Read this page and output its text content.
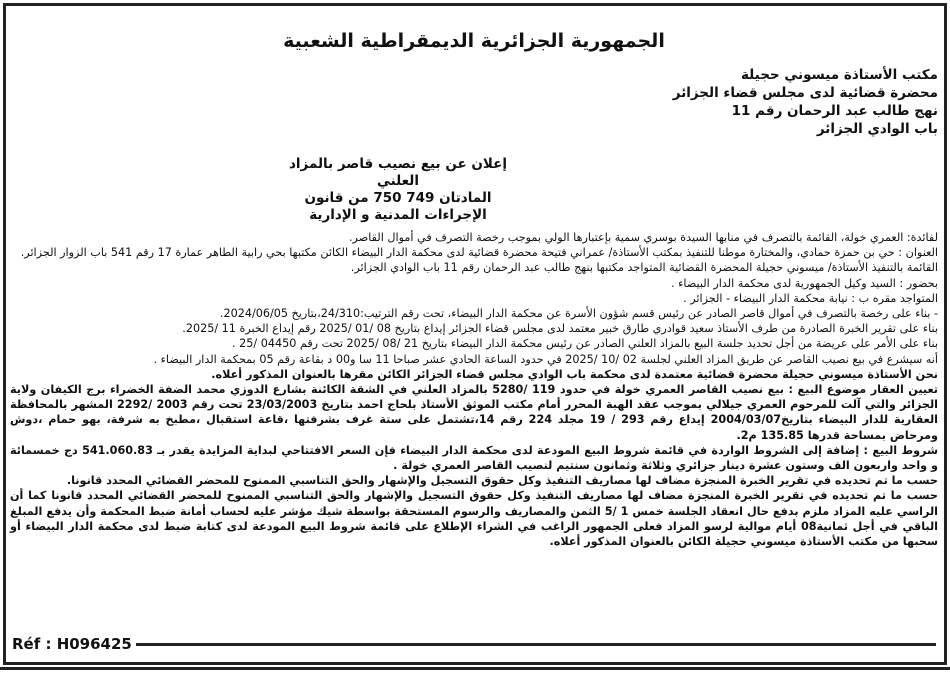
الجمهورية الجزائرية الديمقراطية الشعبية
مكتب الأستاذة ميسوني حجيلة
محضرة قضائية لدى مجلس قضاء الجزائر
نهج طالب عبد الرحمان رقم 11
باب الوادي الجزائر
إعلان عن بيع نصيب قاصر بالمزاد العلني
المادتان 749 750 من قانون الإجراءات المدنية و الإدارية

لفائدة: العمري خولة، القائمة بالتصرف في منابها السيدة بوسري سمية بإعتبارها الولي بموجب رخصة التصرف في أموال القاصر.

العنوان : حي بن حمزة حمادي، والمختارة موطنا للتنفيذ بمكتب الأستاذة/ عمراني فتيحة محضرة قضائية لدى محكمة الدار البيضاء الكائن مكتبها بحي رابية الطاهر عمارة 17 رقم 541 باب الزوار الجزائر.

القائمة بالتنفيذ الأستاذة/ ميسوني حجيلة المحضرة القضائية المتواجد مكتبها بنهج طالب عبد الرحمان رقم 11 باب الوادي الجزائر.

بحضور : السيد وكيل الجمهورية لدى محكمة الدار البيضاء .

المتواجد مقره ب : نيابة محكمة الدار البيضاء - الجزائر .

- بناء على رخصة بالتصرف في أموال قاصر الصادر عن رئيس قسم شؤون الأسرة عن محكمة الدار البيضاء، تحت رقم الترتيب:24/310،بتاريخ 2024/06/05.

بناء على تقرير الخبرة الصادرة من طرف الأستاذ سعيد قوادري طارق خبير معتمد لدى مجلس قضاء الجزائر إيداع بتاريخ 08 /01 /2025 رقم إيداع الخبرة 11 /2025.

بناء على الأمر على عريضة من أجل تحديد جلسة البيع بالمزاد العلني الصادر عن رئيس محكمة الدار البيضاء بتاريخ 21 /08 /2025 تحت رقم 04450 /25 .

أنه سيشرع في بيع نصيب القاصر عن طريق المزاد العلني لجلسة 02 /10 /2025 في حدود الساعة الحادي عشر صباحا 11 سا و00 د بقاعة رقم 05 بمحكمة الدار البيضاء .

نحن الأستاذة ميسوني حجيلة محضرة قضائية معتمدة لدى محكمة باب الوادي مجلس قضاء الجزائر الكائن مقرها بالعنوان المذكور أعلاه.

تعيين العقار موضوع البيع : بيع نصيب القاصر العمري خولة في حدود 119 /5280 بالمزاد العلني في الشقة الكائنة بشارع الدوزي محمد الضفة الخضراء برج الكيفان ولاية الجزائر والتي آلت للمرحوم العمري جيلالي بموجب عقد الهبة المحرر أمام مكتب الموثق الأستاذ بلحاج احمد بتاريخ 23/03/2003 تحت رقم 2003 /2292 المشهر بالمحافظة العقارية للدار البيضاء بتاريخ2004/03/07 إيداع رقم 293 / 19 مجلد 224 رقم 14،تشتمل على ستة غرف بشرفتها ،قاعة استقبال ،مطبخ به شرفة، بهو حمام ،دوش ومرحاض بمساحة قدرها 135.85 م2.

شروط البيع : إضافة إلى الشروط الواردة في قائمة شروط البيع المودعة لدى محكمة الدار البيضاء فإن السعر الافتتاحي لبداية المزايدة يقدر بـ 541.060.83 دج خمسمائة و واحد واربعون الف وستون عشرة دينار جزائري وثلاثة وثمانون سنتيم لنصيب القاصر العمري خولة .

حسب ما تم تحديده في تقرير الخبرة المنجزة مضاف لها مصاريف التنفيذ وكل حقوق التسجيل والإشهار والحق التناسبي الممنوح للمحضر القضائي المحدد قانونا.

حسب ما تم تحديده في تقرير الخبرة المنجزة مضاف لها مصاريف التنفيذ وكل حقوق التسجيل والإشهار والحق التناسبي الممنوح للمحضر القضائي المحدد قانونا كما أن الراسي عليه المزاد ملزم بدفع حال انعقاد الجلسة خمس 1 /5 الثمن والمصاريف والرسوم المستحقة بواسطة شيك مؤشر عليه لحساب أمانة ضبط المحكمة وأن يدفع المبلغ الباقي في أجل ثمانية08 أيام موالية لرسو المزاد فعلى الجمهور الراغب في الشراء الإطلاع على قائمة شروط البيع المودعة لدى كتابة ضبط لدى محكمة الدار البيضاء أو سحبها من مكتب الأستاذة ميسوني حجيلة الكائن بالعنوان المذكور أعلاه.

Réf : H096425
